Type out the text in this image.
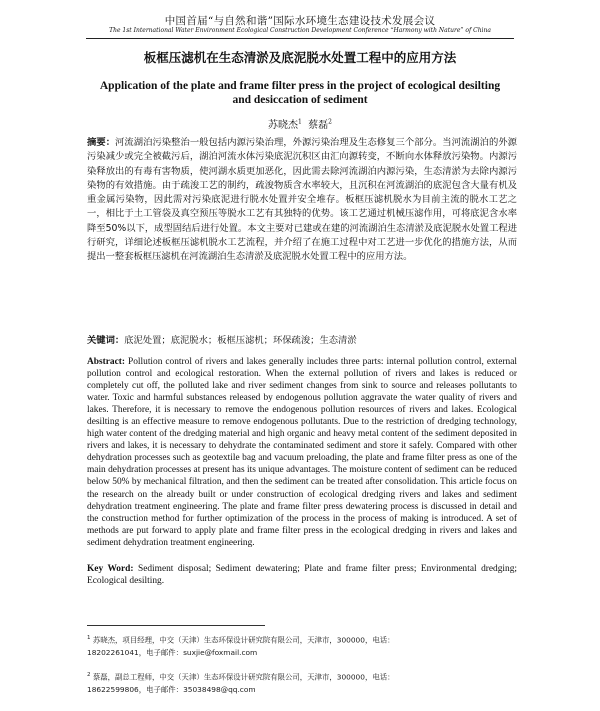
中国首届“与自然和谐”国际水环境生态建设技术发展会议
The 1st International Water Environment Ecological Construction Development Conference “Harmony with Nature” of China
板框压滤机在生态清淤及底泥脱水处置工程中的应用方法
Application of the plate and frame filter press in the project of ecological desilting and desiccation of sediment
苏晓杰$^1$ 蔡磊$^2$
摘要：河流湖泊污染整治一般包括内源污染治理，外源污染治理及生态修复三个部分。当河流湖泊的外源污染减少或完全被截污后，湖泊河流水体污染底泥沉积区由汇向源转变，不断向水体释放污染物。内源污染释放出的有毒有害物质，使河湖水质更加恶化，因此需去除河流湖泊内源污染，生态清淤为去除内源污染物的有效措施。由于疏浚工艺的制约，疏浚物质含水率较大，且沉积在河流湖泊的底泥包含大量有机及重金属污染物，因此需对污染底泥进行脱水处置并安全堆存。板框压滤机脱水为目前主流的脱水工艺之一，相比于土工管袋及真空预压等脱水工艺有其独特的优势。该工艺通过机械压滤作用，可将底泥含水率降至50%以下，成型固结后进行处置。本文主要对已建或在建的河流湖泊生态清淤及底泥脱水处置工程进行研究，详细论述板框压滤机脱水工艺流程，并介绍了在施工过程中对工艺进一步优化的措施方法，从而提出一整套板框压滤机在河流湖泊生态清淤及底泥脱水处置工程中的应用方法。
关键词：底泥处置；底泥脱水；板框压滤机；环保疏浚；生态清淤
Abstract: Pollution control of rivers and lakes generally includes three parts: internal pollution control, external pollution control and ecological restoration. When the external pollution of rivers and lakes is reduced or completely cut off, the polluted lake and river sediment changes from sink to source and releases pollutants to water. Toxic and harmful substances released by endogenous pollution aggravate the water quality of rivers and lakes. Therefore, it is necessary to remove the endogenous pollution resources of rivers and lakes. Ecological desilting is an effective measure to remove endogenous pollutants. Due to the restriction of dredging technology, high water content of the dredging material and high organic and heavy metal content of the sediment deposited in rivers and lakes, it is necessary to dehydrate the contaminated sediment and store it safely. Compared with other dehydration processes such as geotextile bag and vacuum preloading, the plate and frame filter press as one of the main dehydration processes at present has its unique advantages. The moisture content of sediment can be reduced below 50% by mechanical filtration, and then the sediment can be treated after consolidation. This article focus on the research on the already built or under construction of ecological dredging rivers and lakes and sediment dehydration treatment engineering. The plate and frame filter press dewatering process is discussed in detail and the construction method for further optimization of the process in the process of making is introduced. A set of methods are put forward to apply plate and frame filter press in the ecological dredging in rivers and lakes and sediment dehydration treatment engineering.
Key Word: Sediment disposal; Sediment dewatering; Plate and frame filter press; Environmental dredging; Ecological desilting.
$^1$ 苏晓杰，项目经理，中交（天津）生态环保设计研究院有限公司，天津市，300000，电话：
18202261041，电子邮件：suxjie@foxmail.com
$^2$ 蔡磊，副总工程师，中交（天津）生态环保设计研究院有限公司，天津市，300000，电话：
18622599806，电子邮件：35038498@qq.com
